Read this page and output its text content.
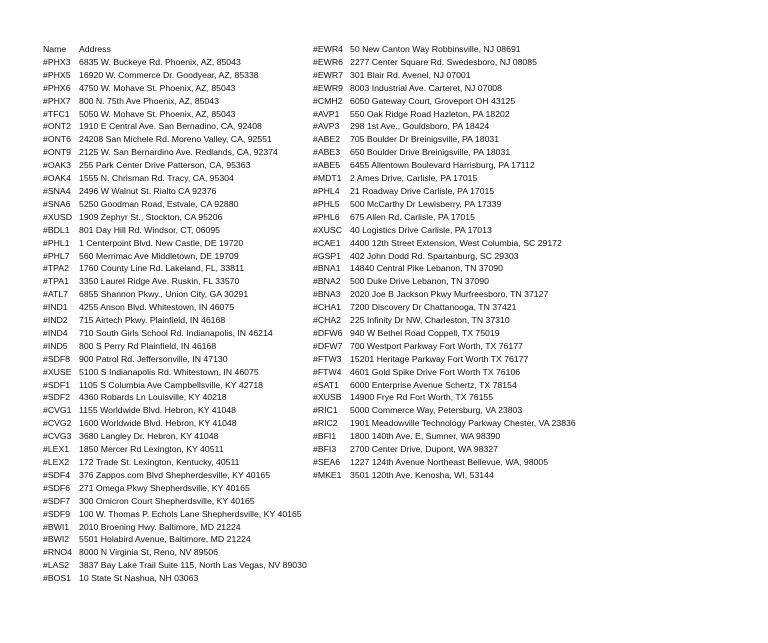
Name	Address
#PHX3 6835 W. Buckeye Rd. Phoenix, AZ, 85043
#PHX5 16920 W. Commerce Dr. Goodyear, AZ, 85338
#PHX6 4750 W. Mohave St. Phoenix, AZ, 85043
#PHX7 800 N. 75th Ave Phoenix, AZ, 85043
#TFC1	5050 W. Mohave St. Phoenix, AZ, 85043
#ONT2 1910 E Central Ave. San Bernadino, CA, 92408
#ONT6 24208 San Michele Rd. Moreno Valley, CA, 92551
#ONT9 2125 W. San Bernardino Ave. Redlands, CA, 92374
#OAK3 255 Park Center Drive Patterson, CA, 95363
#OAK4 1555 N. Chrisman Rd. Tracy, CA, 95304
#SNA4 2496 W Walnut St. Rialto CA 92376
#SNA6 5250 Goodman Road, Estvale, CA 92880
#XUSD 1909 Zephyr St., Stockton, CA 95206
#BDL1	801 Day Hill Rd. Windsor, CT, 06095
#PHL1	1 Centerpoint Blvd. New Castle, DE 19720
#PHL7	560 Merrimac Ave Middletown, DE 19709
#TPA2	1760 County Line Rd. Lakeland, FL, 33811
#TPA1	3350 Laurel Ridge Ave. Ruskin, FL 33570
#ATL7	6855 Shannon Pkwy., Union City, GA 30291
#IND1	4255 Anson Blvd. Whitestown, IN 46075
#IND2	715 Airtech Pkwy. Plainfield, IN 46168
#IND4	710 South Girls School Rd. Indianapolis, IN 46214
#IND5	800 S Perry Rd Plainfield, IN 46168
#SDF8	900 Patrol Rd. Jeffersonville, IN 47130
#XUSE 5100 S Indianapolis Rd. Whitestown, IN 46075
#SDF1	1105 S Columbia Ave Campbellsville, KY 42718
#SDF2	4360 Robards Ln Louisville, KY 40218
#CVG1 1155 Worldwide Blvd. Hebron, KY 41048
#CVG2 1600 Worldwide Blvd. Hebron, KY 41048
#CVG3 3680 Langley Dr. Hebron, KY 41048
#LEX1	1850 Mercer Rd Lexington, KY 40511
#LEX2	172 Trade St. Lexington, Kentucky, 40511
#SDF4	376 Zappos.com Blvd Shepherdesville, KY 40165
#SDF6	271 Omega Pkwy Shepherdsville, KY 40165
#SDF7	300 Omicron Court Shepherdsville, KY 40165
#SDF9	100 W. Thomas P. Echols Lane Shepherdsville, KY 40165
#BWI1	2010 Broening Hwy. Baltimore, MD 21224
#BWI2	5501 Holabird Avenue, Baltimore, MD 21224
#RNO4 8000 N Virginia St, Reno, NV 89506
#LAS2	3837 Bay Lake Trail Suite 115, North Las Vegas, NV 89030
#BOS1 10 State St Nashua, NH 03063
#EWR4 50 New Canton Way Robbinsville, NJ 08691
#EWR6 2277 Center Square Rd. Swedesboro, NJ 08085
#EWR7 301 Blair Rd. Avenel, NJ 07001
#EWR9 8003 Industrial Ave. Carteret, NJ 07008
#CMH2 6050 Gateway Court, Groveport OH 43125
#AVP1	550 Oak Ridge Road Hazleton, PA 18202
#AVP3	298 1st Ave., Gouldsboro, PA 18424
#ABE2	705 Boulder Dr Breinigsville, PA 18031
#ABE3	650 Boulder Drive Breinigsville, PA 18031
#ABE5	6455 Allentown Boulevard Harrisburg, PA 17112
#MDT1 2 Ames Drive, Carlisle, PA 17015
#PHL4	21 Roadway Drive Carlisle, PA 17015
#PHL5	500 McCarthy Dr Lewisberry, PA 17339
#PHL6	675 Allen Rd. Carlisle, PA 17015
#XUSC 40 Logistics Drive Carlisle, PA 17013
#CAE1	4400 12th Street Extension, West Columbia, SC 29172
#GSP1	402 John Dodd Rd. Spartanburg, SC 29303
#BNA1	14840 Central Pike Lebanon, TN 37090
#BNA2	500 Duke Drive Lebanon, TN 37090
#BNA3	2020 Joe B Jackson Pkwy Murfreesboro, TN 37127
#CHA1	7200 Discovery Dr Chattanooga, TN 37421
#CHA2	225 Infinity Dr NW, Charleston, TN 37310
#DFW6 940 W Bethel Road Coppell, TX 75019
#DFW7 700 Westport Parkway Fort Worth, TX 76177
#FTW3 15201 Heritage Parkway Fort Worth TX 76177
#FTW4 4601 Gold Spike Drive Fort Worth TX 76106
#SAT1	6000 Enterprise Avenue Schertz, TX 78154
#XUSB 14900 Frye Rd Fort Worth, TX 76155
#RIC1	5000 Commerce Way, Petersburg, VA 23803
#RIC2	1901 Meadowville Technology Parkway Chester, VA 23836
#BFI1	1800 140th Ave. E, Sumner, WA 98390
#BFI3	2700 Center Drive, Dupont, WA 98327
#SEA6	1227 124th Avenue Northeast Bellevue, WA, 98005
#MKE1 3501 120th Ave. Kenosha, WI, 53144
